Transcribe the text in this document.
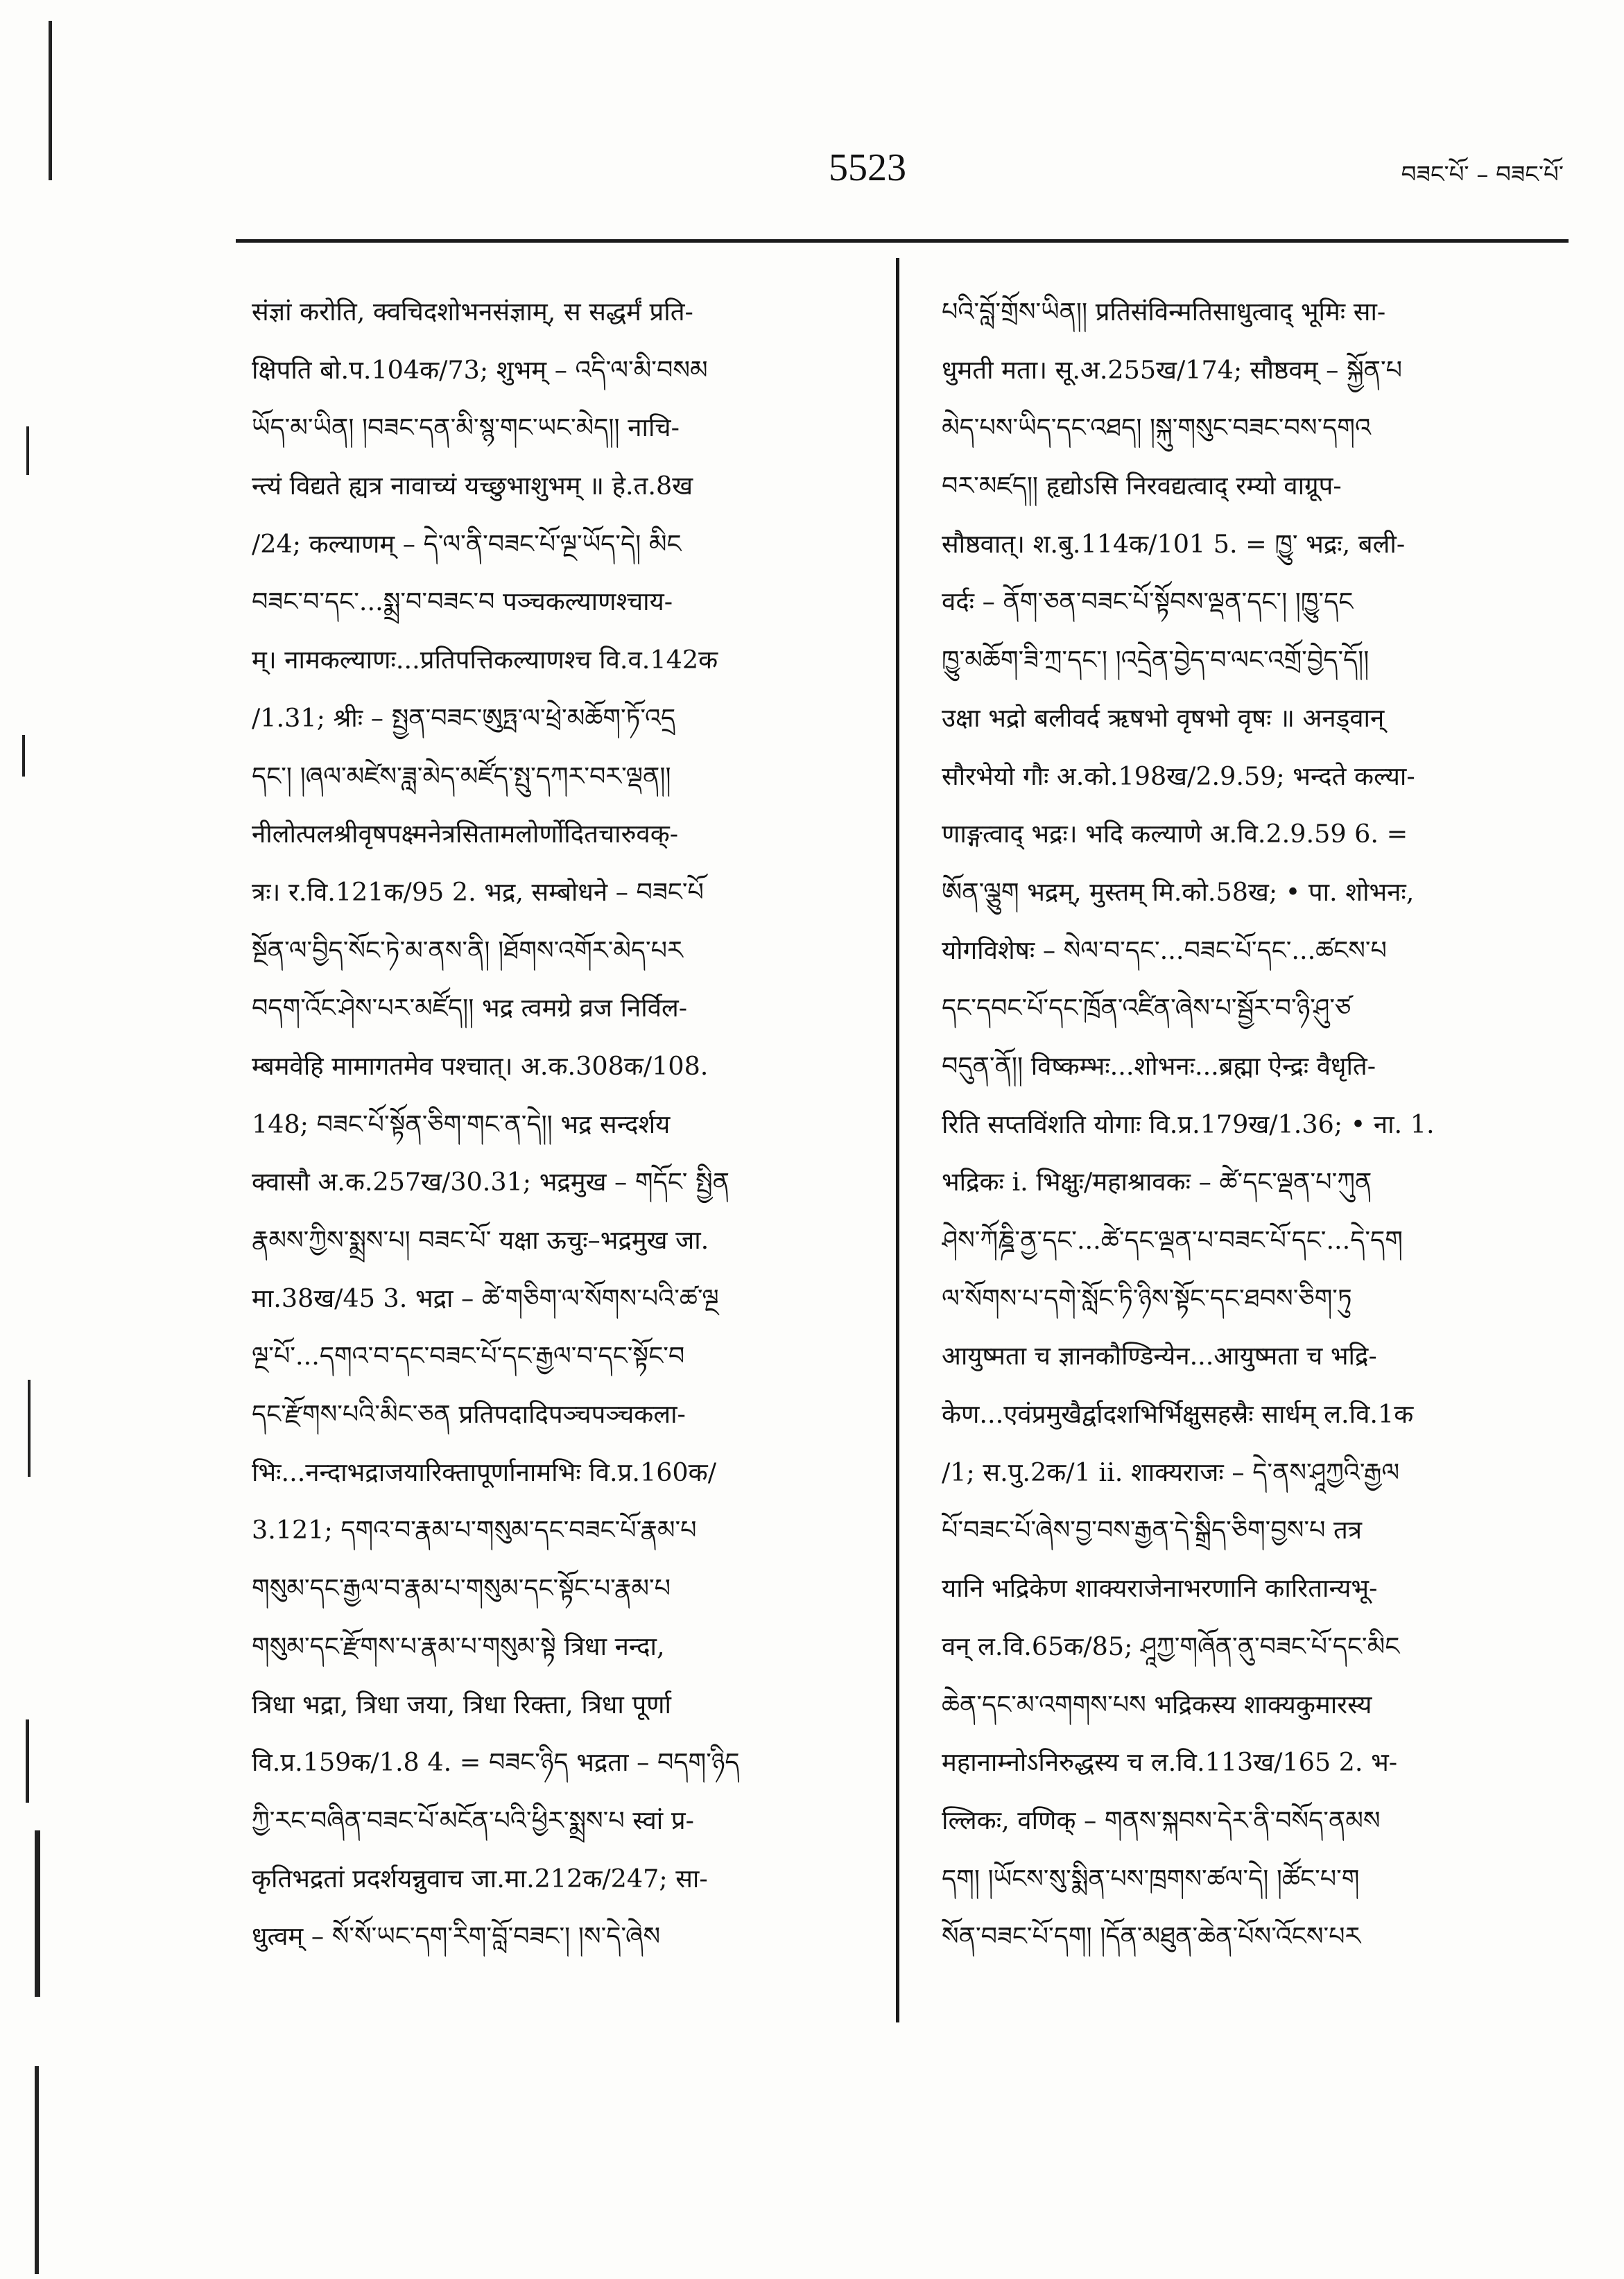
5523	བཟང་པོ་ – བཟང་པོ་
संज्ञां करोति, क्वचिदशोभनसंज्ञाम्, स सद्धर्मं प्रति-
क्षिपति बो.प.104क/73; शुभम् – འདི་ལ་མི་བསམ
ཡོད་མ་ཡིན། །བཟང་དན་མི་སྙ་གང་ཡང་མེད།། नाचि-
न्त्यं विद्यते ह्यत्र नावाच्यं यच्छुभाशुभम् ॥ हे.त.8ख
/24; कल्याणम् – དེ་ལ་ནི་བཟང་པོ་ལྔ་ཡོད་དེ། མིང
བཟང་བ་དང་...སྨྲ་བ་བཟང་བ पञ्चकल्याणश्चाय-
म्। नामकल्याणः...प्रतिपत्तिकल्याणश्च वि.व.142क
/1.31; श्रीः – སྤྱན་བཟང་ཨུཏྤ་ལ་ཕྲེ་མཆོག་ཏོ་འདྲ
དང་། །ཞལ་མཛེས་ཟླ་མེད་མཛོད་སྤུ་དཀར་བར་ལྡན།།
नीलोत्पलश्रीवृषपक्ष्मनेत्रसितामलोर्णोदितचारुवक्-
त्रः। र.वि.121क/95 2. भद्र, सम्बोधने – བཟང་པོ
སྔོན་ལ་བྱིད་སོང་ཏེ་མ་ནས་ནི། །ཐོགས་འགོར་མེད་པར
བདག་འོང་ཤེས་པར་མཛོད།། भद्र त्वमग्रे व्रज निर्विल-
म्बमवेहि मामागतमेव पश्चात्। अ.क.308क/108.
148; བཟང་པོ་སྟོན་ཅིག་གང་ན་དེ།། भद्र सन्दर्शय
क्वासौ अ.क.257ख/30.31; भद्रमुख – གདོང་ སྤྱིན
རྣམས་ཀྱིས་སྨྲས་པ། བཟང་པོ་ यक्षा ऊचुः–भद्रमुख जा.
मा.38ख/45 3. भद्रा – ཚེ་གཅིག་ལ་སོགས་པའི་ཚ་ལྔ
ལྔ་པོ་...དགའ་བ་དང་བཟང་པོ་དང་རྒྱལ་བ་དང་སྟོང་བ
དང་རྫོགས་པའི་མིང་ཅན प्रतिपदादिपञ्चपञ्चकला-
भिः...नन्दाभद्राजयारिक्तापूर्णानामभिः वि.प्र.160क/
3.121; དགའ་བ་རྣམ་པ་གསུམ་དང་བཟང་པོ་རྣམ་པ
གསུམ་དང་རྒྱལ་བ་རྣམ་པ་གསུམ་དང་སྟོང་པ་རྣམ་པ
གསུམ་དང་རྫོགས་པ་རྣམ་པ་གསུམ་སྟེ त्रिधा नन्दा,
त्रिधा भद्रा, त्रिधा जया, त्रिधा रिक्ता, त्रिधा पूर्णा
वि.प्र.159क/1.8 4. = བཟང་ཉིད भद्रता – བདག་ཉིད
ཀྱི་རང་བཞིན་བཟང་པོ་མངོན་པའི་ཕྱིར་སྨྲས་པ स्वां प्र-
कृतिभद्रतां प्रदर्शयन्नुवाच जा.मा.212क/247; सा-
धुत्वम् – སོ་སོ་ཡང་དག་རིག་བློ་བཟང་། །ས་དེ་ཞེས
པའི་བློ་གྲོས་ཡིན།། प्रतिसंविन्मतिसाधुत्वाद् भूमिः सा-
धुमती मता। सू.अ.255ख/174; सौष्ठवम् – སྐྱོན་པ
མེད་པས་ཡིད་དང་འཐད། །སྐུ་གསུང་བཟང་བས་དགའ
བར་མཛད།། हृद्योऽसि निरवद्यत्वाद् रम्यो वाग्रूप-
सौष्ठवात्। श.बु.114क/101 5. = ཁྱུ་ भद्रः, बली-
वर्दः – ནོག་ཅན་བཟང་པོ་སྟོབས་ལྡན་དང་། །ཁྱུ་དང
ཁྱུ་མཆོག་ཟི་ཀྲ་དང་། །འདྲེན་བྱེད་བ་ལང་འགྲོ་བྱེད་དོ།།
उक्षा भद्रो बलीवर्द ऋषभो वृषभो वृषः ॥ अनड्वान्
सौरभेयो गौः अ.को.198ख/2.9.59; भन्दते कल्या-
णाङ्गत्वाद् भद्रः। भदि कल्याणे अ.वि.2.9.59 6. =
ཨོན་ལྕུག भद्रम्, मुस्तम् मि.को.58ख; • पा. शोभनः,
योगविशेषः – སེལ་བ་དང་...བཟང་པོ་དང་...ཚངས་པ
དང་དབང་པོ་དང་ཁྲོན་འཛིན་ཞེས་པ་སྦྱོར་བ་ཉི་ཤུ་ཙ
བདུན་ནོ།། विष्कम्भः...शोभनः...ब्रह्मा ऐन्द्रः वैधृति-
रिति सप्तविंशति योगाः वि.प्र.179ख/1.36; • ना. 1.
भद्रिकः i. भिक्षुः/महाश्रावकः – ཚེ་དང་ལྡན་པ་ཀུན
ཤེས་ཀོཎྜི་ནྱ་དང་...ཚེ་དང་ལྡན་པ་བཟང་པོ་དང་...དེ་དག
ལ་སོགས་པ་དགེ་སློང་ཏི་ཉིས་སྟོང་དང་ཐབས་ཅིག་ཏུ
आयुष्मता च ज्ञानकौण्डिन्येन...आयुष्मता च भद्रि-
केण...एवंप्रमुखैर्द्वादशभिर्भिक्षुसहस्रैः सार्धम् ल.वि.1क
/1; स.पु.2क/1 ii. शाक्यराजः – དེ་ནས་ཤཱཀྱའི་རྒྱལ
པོ་བཟང་པོ་ཞེས་བྱ་བས་རྒྱན་དེ་སྒྲིད་ཅིག་བྱས་པ तत्र
यानि भद्रिकेण शाक्यराजेनाभरणानि कारितान्यभू-
वन् ल.वि.65क/85; ཤཱཀྱ་གཞོན་ནུ་བཟང་པོ་དང་མིང
ཆེན་དང་མ་འགགས་པས भद्रिकस्य शाक्यकुमारस्य
महानाम्नोऽनिरुद्धस्य च ल.वि.113ख/165 2. भ-
ल्लिकः, वणिक् – གནས་སྐབས་དེར་ནི་བསོད་ནམས
དག། །ཡོངས་སུ་སྨིན་པས་ཁྲགས་ཚལ་དེ། །ཚོང་པ་ག
སོན་བཟང་པོ་དག། །དོན་མཐུན་ཆེན་པོས་འོངས་པར
